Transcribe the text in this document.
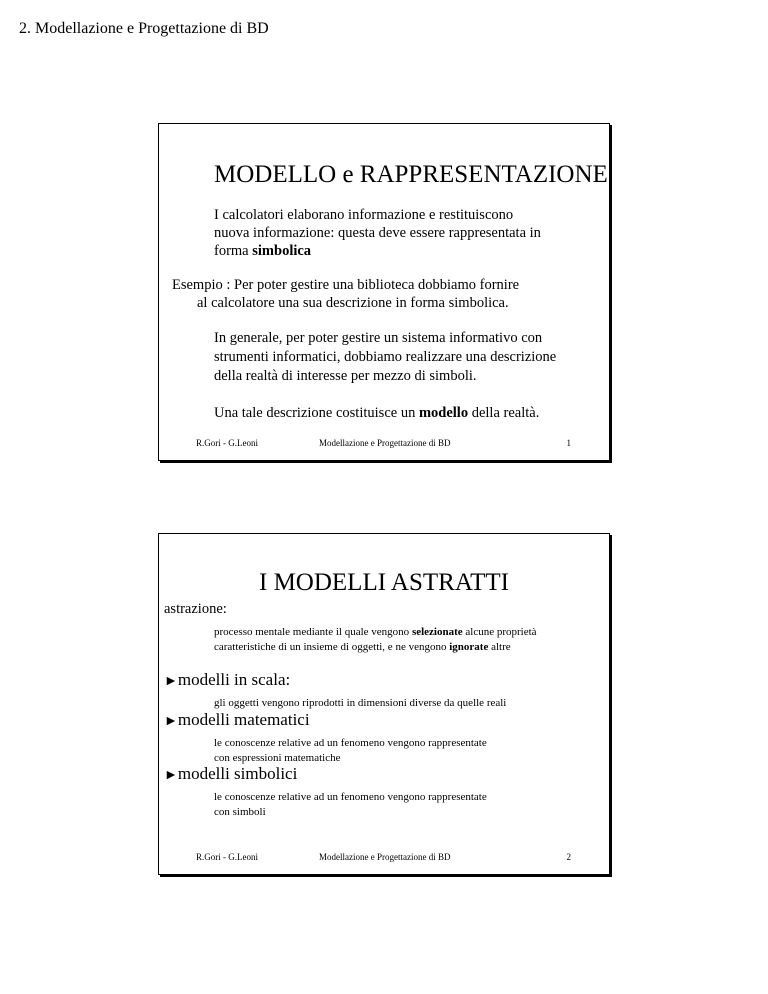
2. Modellazione e Progettazione di BD
MODELLO e RAPPRESENTAZIONE
I calcolatori elaborano informazione e restituiscono
nuova informazione: questa deve essere rappresentata in
forma simbolica
Esempio : Per poter gestire una biblioteca dobbiamo fornire
al calcolatore una sua descrizione in forma simbolica.
In generale, per poter gestire un sistema informativo con
strumenti informatici, dobbiamo realizzare una descrizione
della realtà di interesse per mezzo di simboli.
Una tale descrizione costituisce un modello della realtà.
R.Gori - G.Leoni	Modellazione e Progettazione di BD	1
I MODELLI ASTRATTI
astrazione:
processo mentale mediante il quale vengono selezionate alcune proprietà
caratteristiche di un insieme di oggetti, e ne vengono ignorate altre
►modelli in scala:
gli oggetti vengono riprodotti in dimensioni diverse da quelle reali
►modelli matematici
le conoscenze relative ad un fenomeno vengono rappresentate
con espressioni matematiche
►modelli simbolici
le conoscenze relative ad un fenomeno vengono rappresentate
con simboli
R.Gori - G.Leoni	Modellazione e Progettazione di BD	2
